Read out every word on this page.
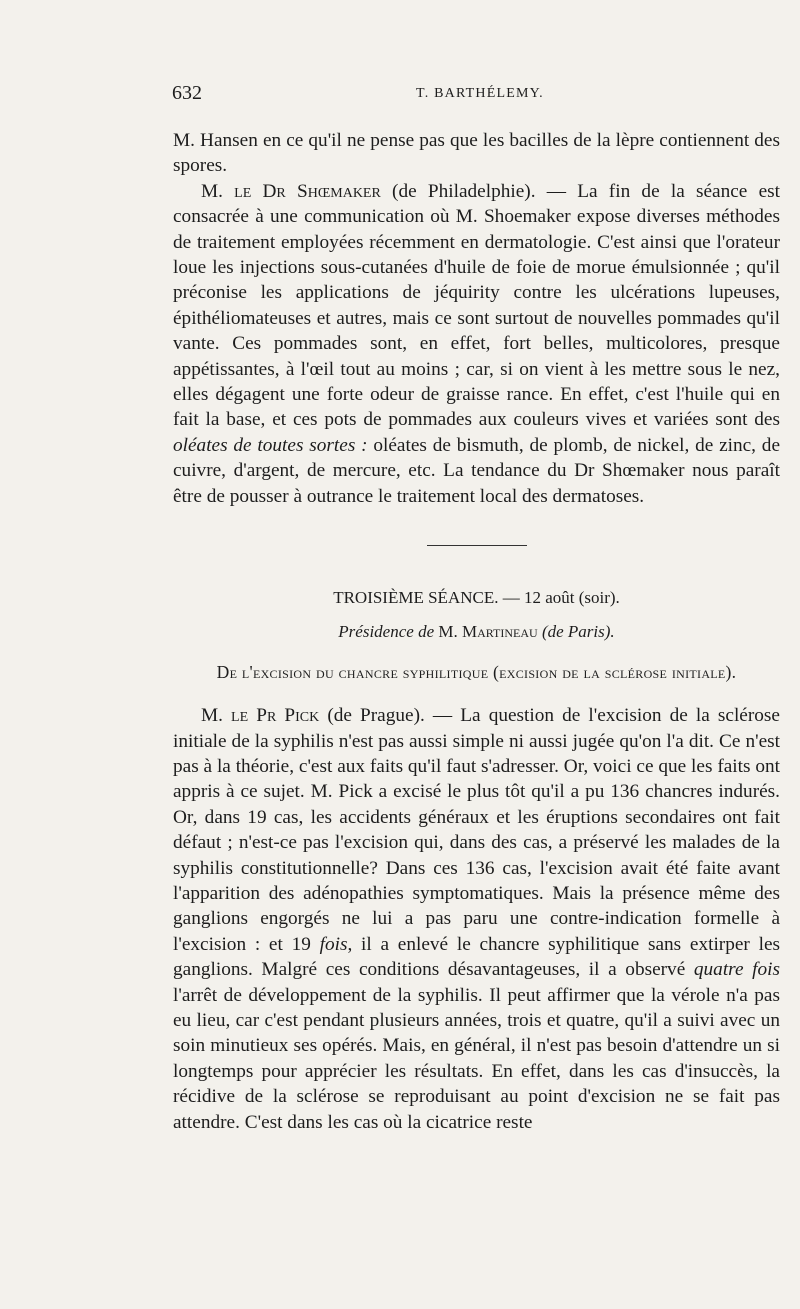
632	T. BARTHÉLEMY.

M. Hansen en ce qu'il ne pense pas que les bacilles de la lèpre contiennent des spores.

M. le Dr Shœmaker (de Philadelphie). — La fin de la séance est consacrée à une communication où M. Shoemaker expose diverses méthodes de traitement employées récemment en dermatologie. C'est ainsi que l'orateur loue les injections sous-cutanées d'huile de foie de morue émulsionnée ; qu'il préconise les applications de jéquirity contre les ulcérations lupeuses, épithéliomateuses et autres, mais ce sont surtout de nouvelles pommades qu'il vante. Ces pommades sont, en effet, fort belles, multicolores, presque appétissantes, à l'œil tout au moins ; car, si on vient à les mettre sous le nez, elles dégagent une forte odeur de graisse rance. En effet, c'est l'huile qui en fait la base, et ces pots de pommades aux couleurs vives et variées sont des oléates de toutes sortes : oléates de bismuth, de plomb, de nickel, de zinc, de cuivre, d'argent, de mercure, etc. La tendance du Dr Shœmaker nous paraît être de pousser à outrance le traitement local des dermatoses.

TROISIÈME SÉANCE. — 12 août (soir).

Présidence de M. Martineau (de Paris).

De l'excision du chancre syphilitique (excision de la sclérose initiale).

M. le Pr Pick (de Prague). — La question de l'excision de la sclérose initiale de la syphilis n'est pas aussi simple ni aussi jugée qu'on l'a dit. Ce n'est pas à la théorie, c'est aux faits qu'il faut s'adresser. Or, voici ce que les faits ont appris à ce sujet. M. Pick a excisé le plus tôt qu'il a pu 136 chancres indurés. Or, dans 19 cas, les accidents généraux et les éruptions secondaires ont fait défaut ; n'est-ce pas l'excision qui, dans des cas, a préservé les malades de la syphilis constitutionnelle? Dans ces 136 cas, l'excision avait été faite avant l'apparition des adénopathies symptomatiques. Mais la présence même des ganglions engorgés ne lui a pas paru une contre-indication formelle à l'excision : et 19 fois, il a enlevé le chancre syphilitique sans extirper les ganglions. Malgré ces conditions désavantageuses, il a observé quatre fois l'arrêt de développement de la syphilis. Il peut affirmer que la vérole n'a pas eu lieu, car c'est pendant plusieurs années, trois et quatre, qu'il a suivi avec un soin minutieux ses opérés. Mais, en général, il n'est pas besoin d'attendre un si longtemps pour apprécier les résultats. En effet, dans les cas d'insuccès, la récidive de la sclérose se reproduisant au point d'excision ne se fait pas attendre. C'est dans les cas où la cicatrice reste
